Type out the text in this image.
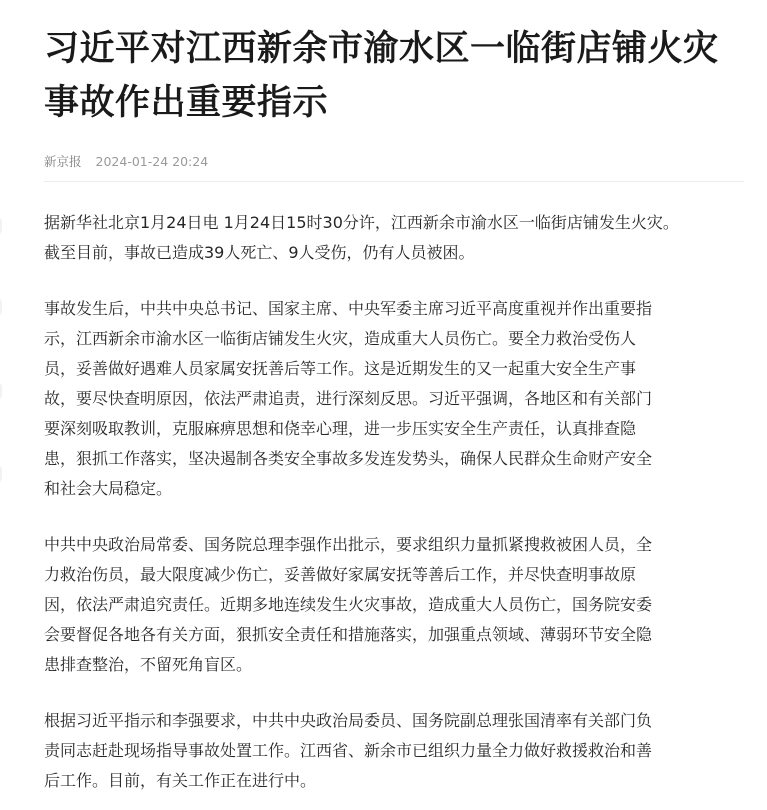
习近平对江西新余市渝水区一临街店铺火灾
事故作出重要指示
新京报 2024-01-24 20:24

据新华社北京1月24日电 1月24日15时30分许，江西新余市渝水区一临街店铺发生火灾。
截至目前，事故已造成39人死亡、9人受伤，仍有人员被困。

事故发生后，中共中央总书记、国家主席、中央军委主席习近平高度重视并作出重要指
示，江西新余市渝水区一临街店铺发生火灾，造成重大人员伤亡。要全力救治受伤人
员，妥善做好遇难人员家属安抚善后等工作。这是近期发生的又一起重大安全生产事
故，要尽快查明原因，依法严肃追责，进行深刻反思。习近平强调，各地区和有关部门
要深刻吸取教训，克服麻痹思想和侥幸心理，进一步压实安全生产责任，认真排查隐
患，狠抓工作落实，坚决遏制各类安全事故多发连发势头，确保人民群众生命财产安全
和社会大局稳定。

中共中央政治局常委、国务院总理李强作出批示，要求组织力量抓紧搜救被困人员，全
力救治伤员，最大限度减少伤亡，妥善做好家属安抚等善后工作，并尽快查明事故原
因，依法严肃追究责任。近期多地连续发生火灾事故，造成重大人员伤亡，国务院安委
会要督促各地各有关方面，狠抓安全责任和措施落实，加强重点领域、薄弱环节安全隐
患排查整治，不留死角盲区。

根据习近平指示和李强要求，中共中央政治局委员、国务院副总理张国清率有关部门负
责同志赶赴现场指导事故处置工作。江西省、新余市已组织力量全力做好救援救治和善
后工作。目前，有关工作正在进行中。
